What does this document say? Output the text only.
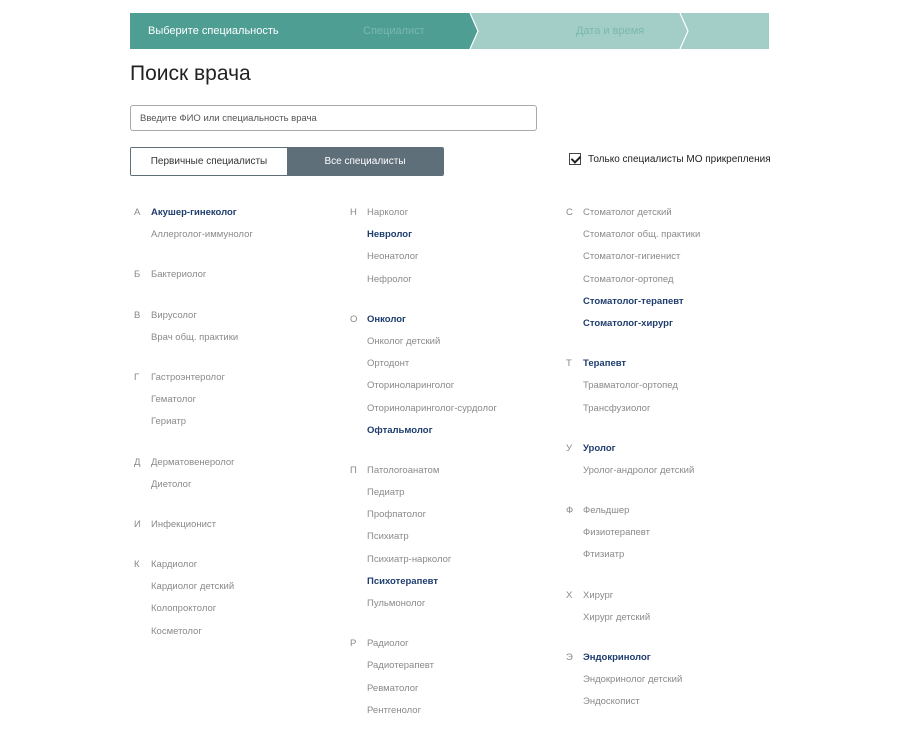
Выберите специальность	Специалист	Дата и время
Поиск врача
Введите ФИО или специальность врача
Первичные специалисты	Все специалисты	Только специалисты МО прикрепления
А	Акушер-гинеколог
Аллерголог-иммунолог
Б	Бактериолог
В	Вирусолог
Врач общ. практики
Г	Гастроэнтеролог
Гематолог
Гериатр
Д	Дерматовенеролог
Диетолог
И	Инфекционист
К	Кардиолог
Кардиолог детский
Колопроктолог
Косметолог
Н	Нарколог
Невролог
Неонатолог
Нефролог
О	Онколог
Онколог детский
Ортодонт
Оториноларинголог
Оториноларинголог-сурдолог
Офтальмолог
П	Патологоанатом
Педиатр
Профпатолог
Психиатр
Психиатр-нарколог
Психотерапевт
Пульмонолог
Р	Радиолог
Радиотерапевт
Ревматолог
Рентгенолог
С	Стоматолог детский
Стоматолог общ. практики
Стоматолог-гигиенист
Стоматолог-ортопед
Стоматолог-терапевт
Стоматолог-хирург
Т	Терапевт
Травматолог-ортопед
Трансфузиолог
У	Уролог
Уролог-андролог детский
Ф	Фельдшер
Физиотерапевт
Фтизиатр
Х	Хирург
Хирург детский
Э	Эндокринолог
Эндокринолог детский
Эндоскопист
